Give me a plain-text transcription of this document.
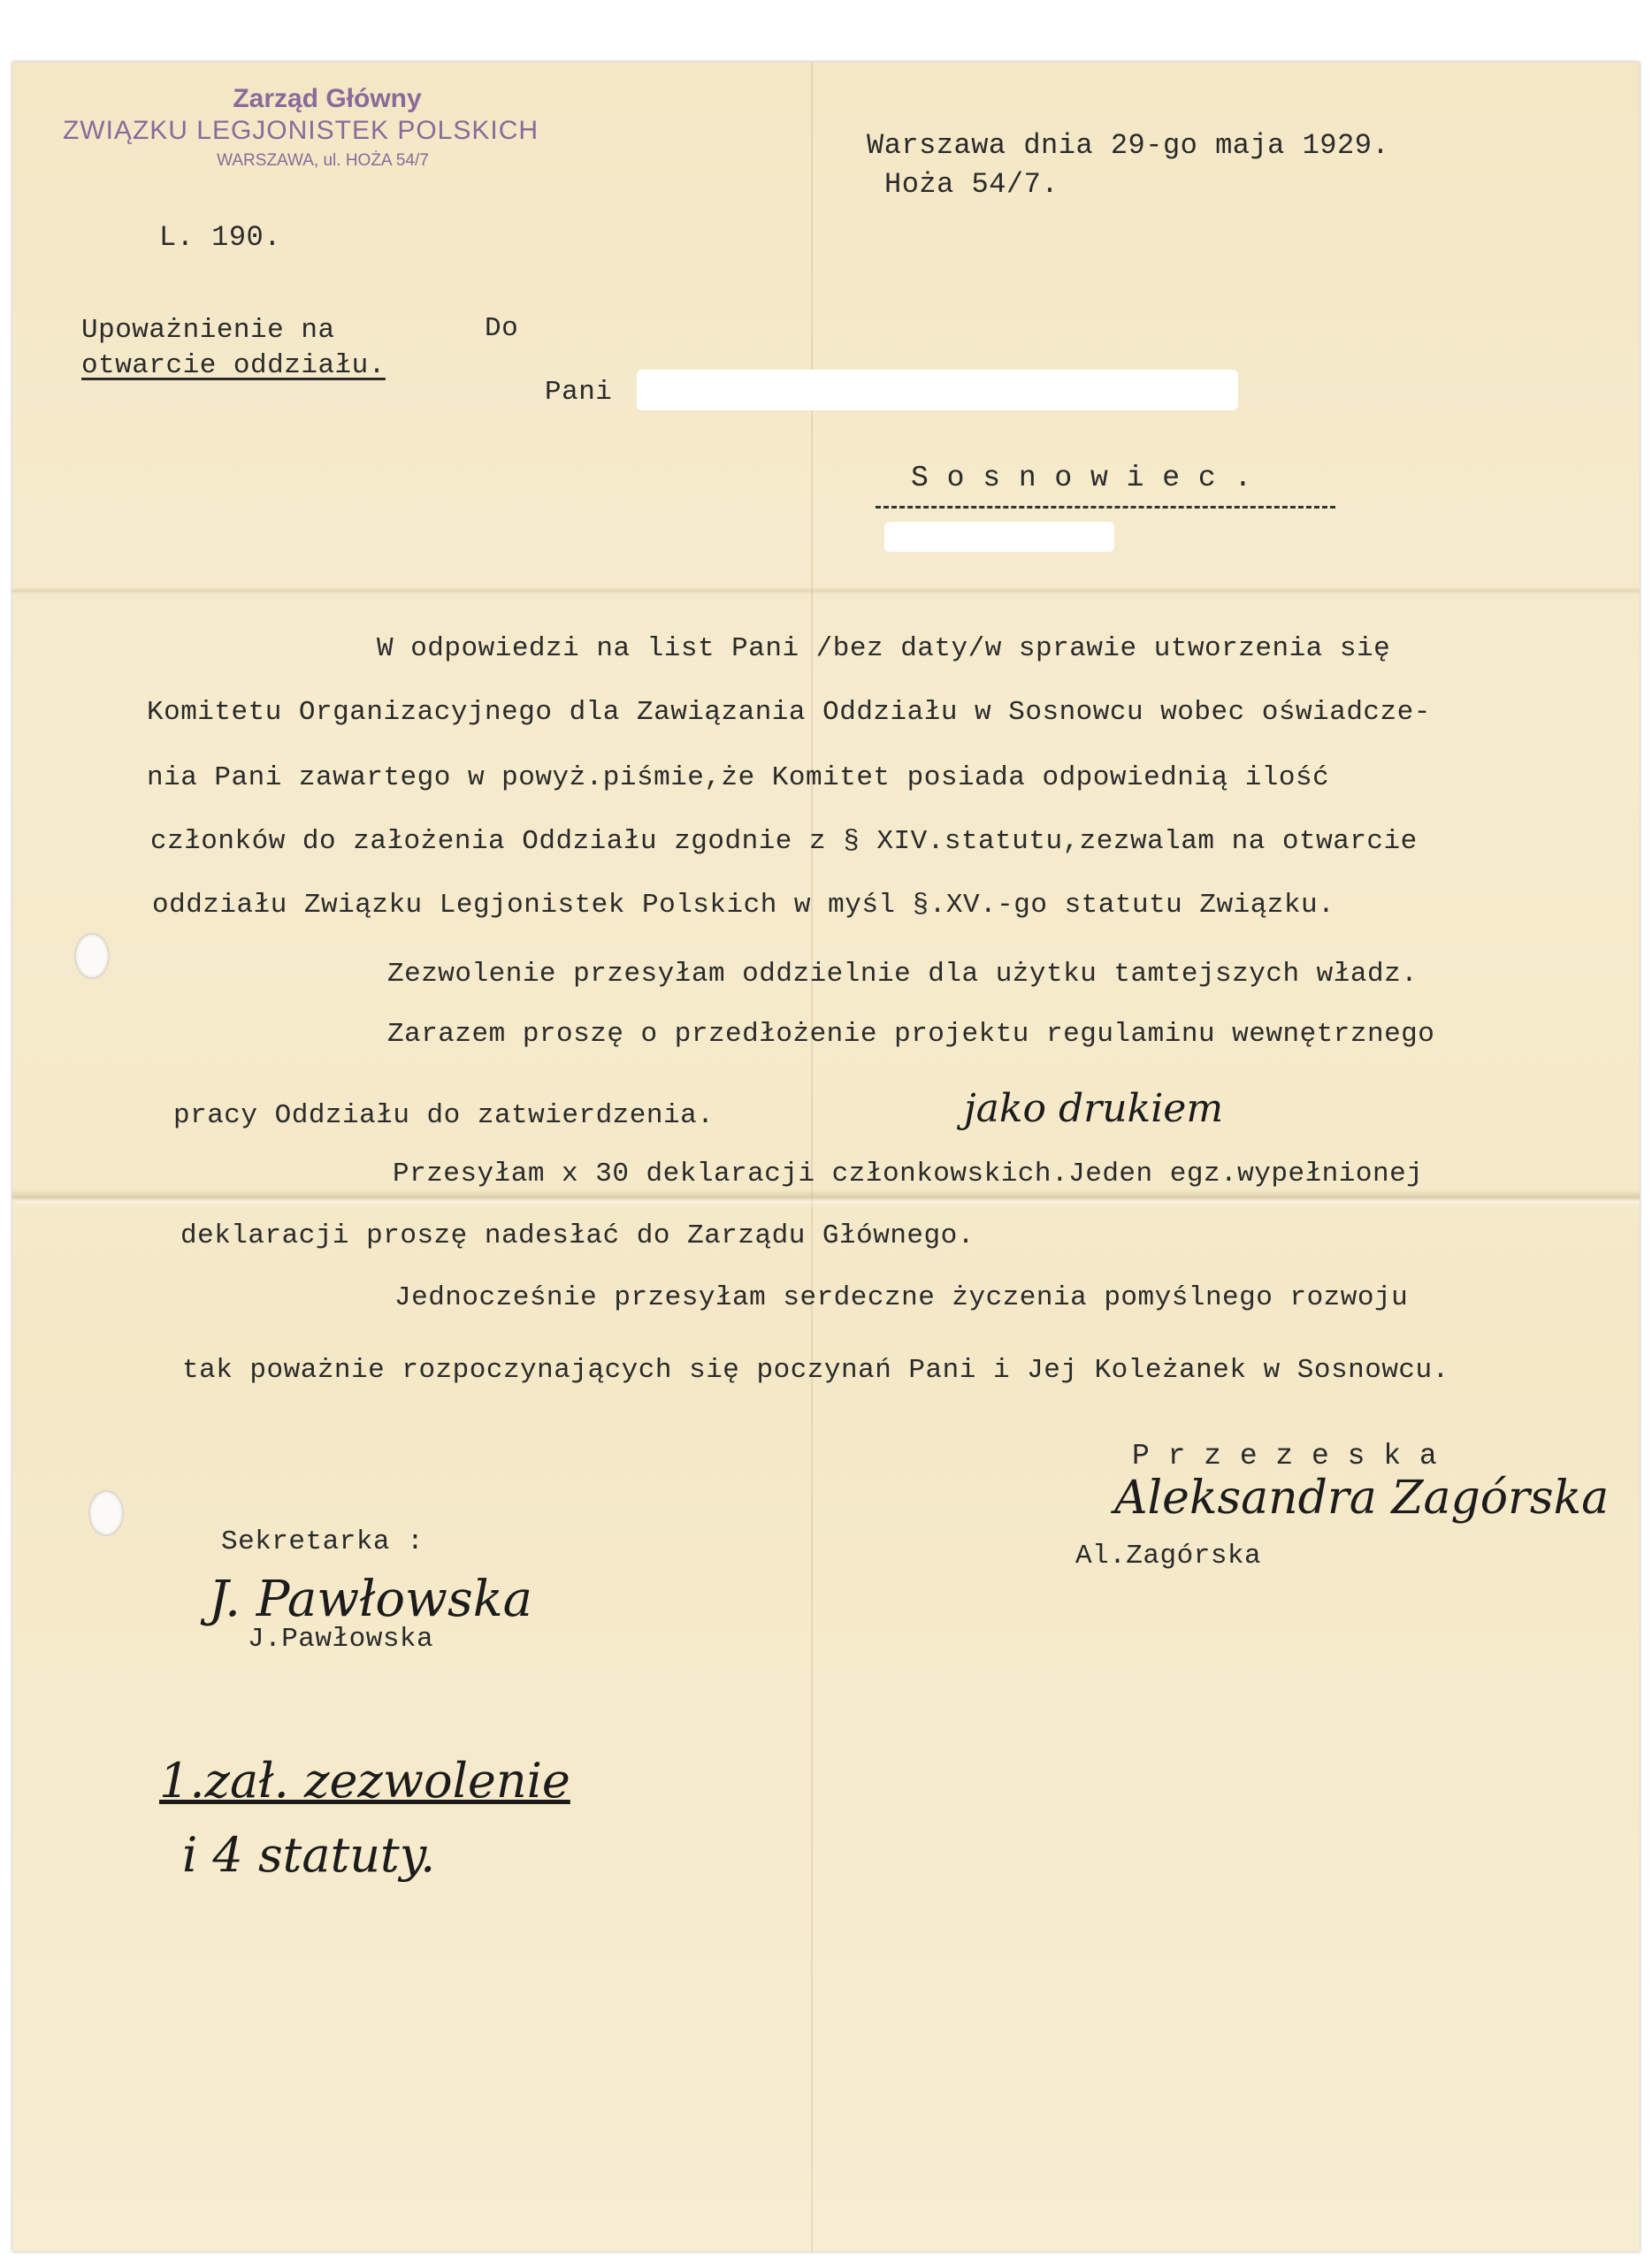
Zarząd Główny
ZWIĄZKU LEGJONISTEK POLSKICH
WARSZAWA, ul. HOŻA 54/7	Warszawa dnia 29-go maja 1929.
Hoża 54/7.
L. 190.
Upoważnienie na
otwarcie oddziału.
Do
Pani
S o s n o w i e c .
W odpowiedzi na list Pani /bez daty/w sprawie utworzenia się
Komitetu Organizacyjnego dla Zawiązania Oddziału w Sosnowcu wobec oświadcze-
nia Pani zawartego w powyż.piśmie,że Komitet posiada odpowiednią ilość
członków do założenia Oddziału zgodnie z § XIV.statutu,zezwalam na otwarcie
oddziału Związku Legjonistek Polskich w myśl §.XV.-go statutu Związku.
Zezwolenie przesyłam oddzielnie dla użytku tamtejszych władz.
Zarazem proszę o przedłożenie projektu regulaminu wewnętrznego
pracy Oddziału do zatwierdzenia.	jako drukiem
Przesyłam x 30 deklaracji członkowskich.Jeden egz.wypełnionej
deklaracji proszę nadesłać do Zarządu Głównego.
Jednocześnie przesyłam serdeczne życzenia pomyślnego rozwoju
tak poważnie rozpoczynających się poczynań Pani i Jej Koleżanek w Sosnowcu.
P r z e z e s k a
Aleksandra Zagórska
Al.Zagórska
Sekretarka :
J. Pawłowska
J.Pawłowska
1.zał. zezwolenie
i 4 statuty.
